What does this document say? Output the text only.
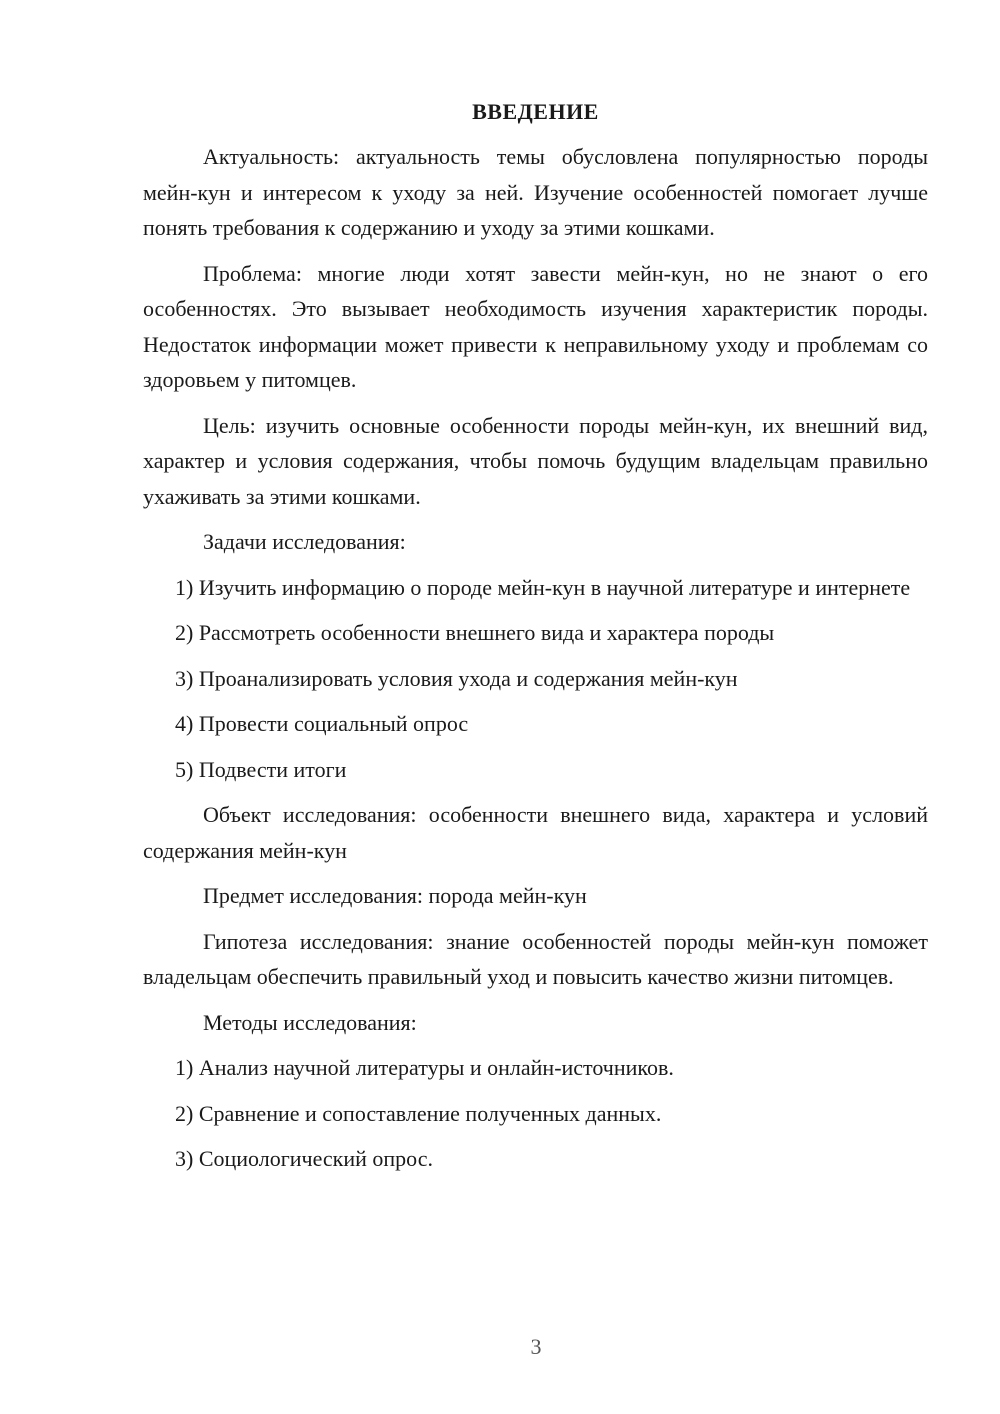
ВВЕДЕНИЕ

Актуальность: актуальность темы обусловлена популярностью породы мейн-кун и интересом к уходу за ней. Изучение особенностей помогает лучше понять требования к содержанию и уходу за этими кошками.

Проблема: многие люди хотят завести мейн-кун, но не знают о его особенностях. Это вызывает необходимость изучения характеристик породы. Недостаток информации может привести к неправильному уходу и проблемам со здоровьем у питомцев.

Цель: изучить основные особенности породы мейн-кун, их внешний вид, характер и условия содержания, чтобы помочь будущим владельцам правильно ухаживать за этими кошками.

Задачи исследования:

1) Изучить информацию о породе мейн-кун в научной литературе и интернете

2) Рассмотреть особенности внешнего вида и характера породы

3) Проанализировать условия ухода и содержания мейн-кун

4) Провести социальный опрос

5) Подвести итоги

Объект исследования: особенности внешнего вида, характера и условий содержания мейн-кун

Предмет исследования: порода мейн-кун

Гипотеза исследования: знание особенностей породы мейн-кун поможет владельцам обеспечить правильный уход и повысить качество жизни питомцев.

Методы исследования:

1) Анализ научной литературы и онлайн-источников.

2) Сравнение и сопоставление полученных данных.

3) Социологический опрос.

3
